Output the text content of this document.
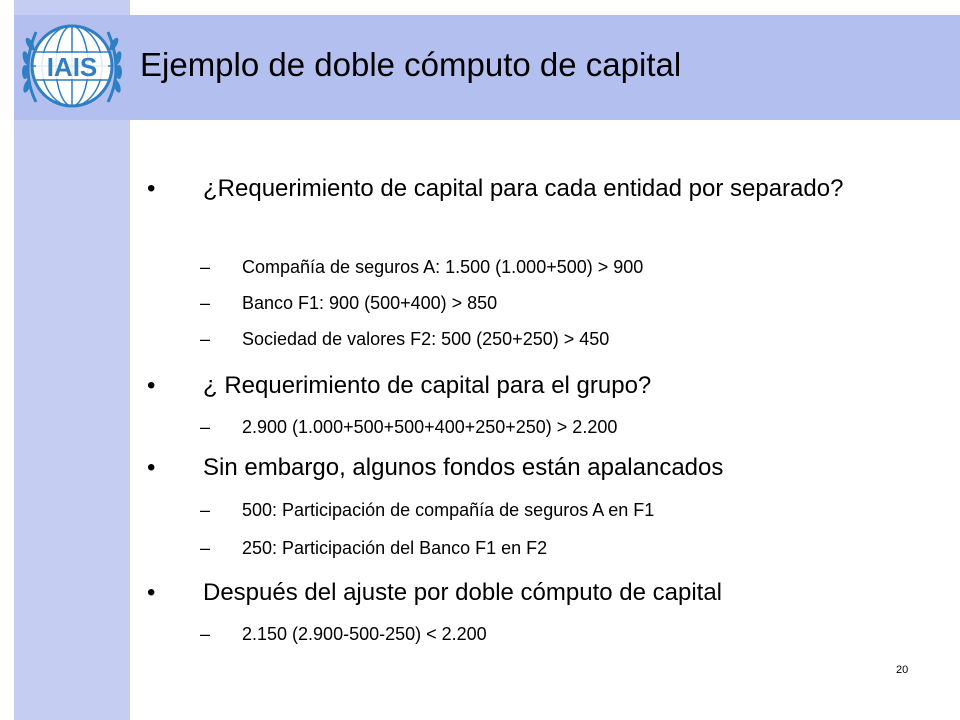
IAIS Ejemplo de doble cómputo de capital
• ¿Requerimiento de capital para cada entidad por separado?
– Compañía de seguros A: 1.500 (1.000+500) > 900
– Banco F1: 900 (500+400) > 850
– Sociedad de valores F2: 500 (250+250) > 450
• ¿ Requerimiento de capital para el grupo?
– 2.900 (1.000+500+500+400+250+250) > 2.200
• Sin embargo, algunos fondos están apalancados
– 500: Participación de compañía de seguros A en F1
– 250: Participación del Banco F1 en F2
• Después del ajuste por doble cómputo de capital
– 2.150 (2.900-500-250) < 2.200
20
